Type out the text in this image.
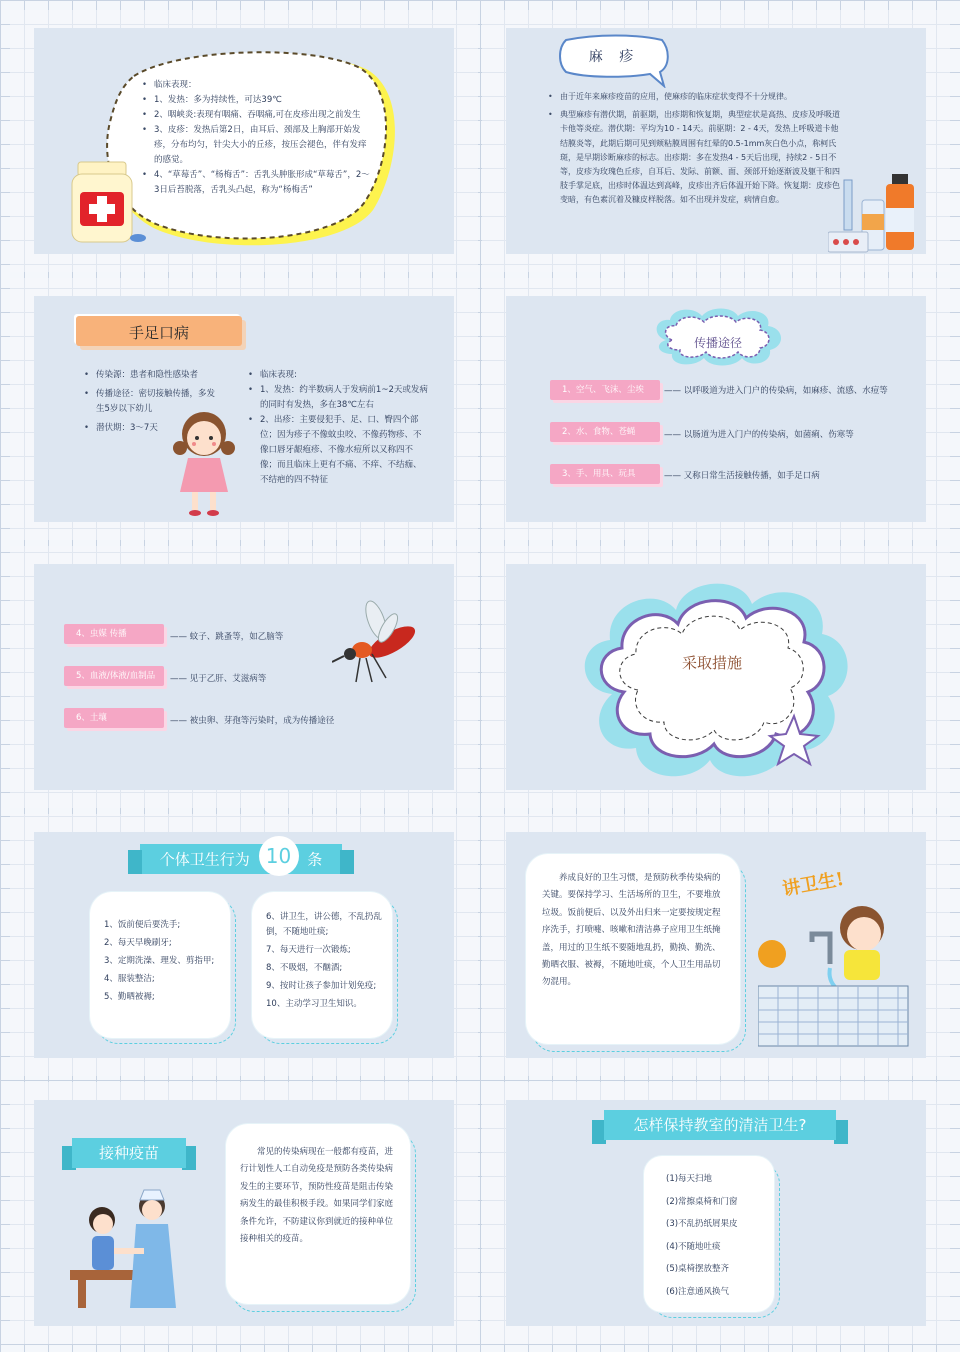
• 临床表现：
• 1、发热：多为持续性，可达39℃
• 2、咽峡炎:表现有咽痛、吞咽痛,可在皮疹出现之前发生
• 3、皮疹：发热后第2日，由耳后、颈部及上胸部开始发疹，分布均匀，针尖大小的丘疹，按压会褪色，伴有发痒的感觉。
• 4、“草莓舌”、“杨梅舌”：舌乳头肿胀形成“草莓舌”，2～3日后苔脱落，舌乳头凸起，称为“杨梅舌”
麻 疹
• 由于近年来麻疹疫苗的应用，使麻疹的临床症状变得不十分规律。
• 典型麻疹有潜伏期，前驱期，出疹期和恢复期，典型症状是高热、皮疹及呼吸道卡他等炎症。潜伏期：平均为10 - 14天。前驱期：2 - 4天，发热上呼吸道卡他结膜炎等，此期后期可见到颊粘膜周围有红晕的0.5-1mm灰白色小点，称柯氏斑，是早期诊断麻疹的标志。出疹期：多在发热4 - 5天后出现，持续2 - 5日不等，皮疹为玫瑰色丘疹，自耳后、发际、前额、面、颈部开始逐渐波及躯干和四肢手掌足底，出疹时体温达到高峰，皮疹出齐后体温开始下降。恢复期：皮疹色变暗，有色素沉着及糠皮样脱落。如不出现并发症，病情自愈。
手足口病
• 传染源：患者和隐性感染者
• 传播途径：密切接触传播，多发生5岁以下幼儿
• 潜伏期：3～7天
• 临床表现:
• 1、发热：约半数病人于发病前1~2天或发病的同时有发热，多在38℃左右
• 2、出疹：主要侵犯手、足、口、臀四个部位；因为疹子不像蚊虫咬、不像药物疹、不像口唇牙龈疱疹、不像水痘所以又称四不像；而且临床上更有不痛、不痒、不结痂、不结疤的四不特征
传播途径
1、空气、飞沫、尘埃	—— 以呼吸道为进入门户的传染病，如麻疹、流感、水痘等
2、水、食物、苍蝇	—— 以肠道为进入门户的传染病，如菌痢、伤寒等
3、手、用具、玩具	—— 又称日常生活接触传播，如手足口病
4、虫媒 传播	—— 蚊子、跳蚤等，如乙脑等
5、血液/体液/血制品	—— 见于乙肝、艾滋病等
6、土壤	—— 被虫卵、芽孢等污染时，成为传播途径
采取措施
个体卫生行为 10 条
1、饭前便后要洗手;
2、每天早晚刷牙;
3、定期洗澡、理发、剪指甲;
4、服装整洁;
5、勤晒被褥;
6、讲卫生，讲公德，不乱扔乱倒，不随地吐痰;
7、每天进行一次锻炼;
8、不吸烟，不酗酒;
9、按时让孩子参加计划免疫;
10、主动学习卫生知识。

养成良好的卫生习惯，是预防秋季传染病的关键。要保持学习、生活场所的卫生，不要堆放垃圾。饭前便后、以及外出归来一定要按规定程序洗手，打喷嚏、咳嗽和清洁鼻子应用卫生纸掩盖，用过的卫生纸不要随地乱扔，勤换、勤洗、勤晒衣服、被褥，不随地吐痰，个人卫生用品切勿混用。

讲卫生!
接种疫苗	常见的传染病现在一般都有疫苗，进行计划性人工自动免疫是预防各类传染病发生的主要环节，预防性疫苗是阻击传染病发生的最佳积极手段。如果同学们家庭条件允许，不防建议你到就近的接种单位接种相关的疫苗。

怎样保持教室的清洁卫生?
(1)每天扫地
(2)常擦桌椅和门窗
(3)不乱扔纸屑果皮
(4)不随地吐痰
(5)桌椅摆放整齐
(6)注意通风换气
